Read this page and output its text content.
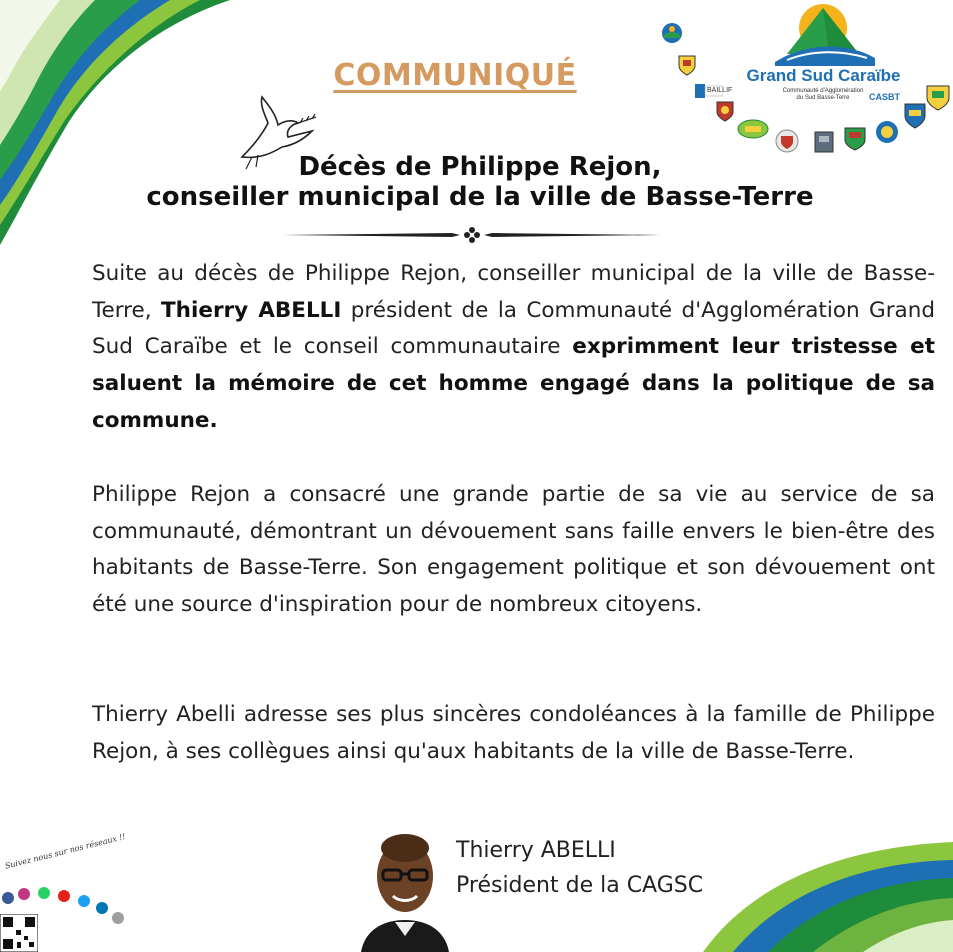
COMMUNIQUÉ
Décès de Philippe Rejon,
conseiller municipal de la ville de Basse-Terre
Grand Sud Caraïbe
Communauté d'Agglomération
du Sud Basse-Terre	CASBT
BAILLIF
Suite au décès de Philippe Rejon, conseiller municipal de la ville de Basse-Terre, Thierry ABELLI président de la Communauté d'Agglomération Grand Sud Caraïbe et le conseil communautaire exprimment leur tristesse et saluent la mémoire de cet homme engagé dans la politique de sa commune.
Philippe Rejon a consacré une grande partie de sa vie au service de sa communauté, démontrant un dévouement sans faille envers le bien-être des habitants de Basse-Terre. Son engagement politique et son dévouement ont été une source d'inspiration pour de nombreux citoyens.
Thierry Abelli adresse ses plus sincères condoléances à la famille de Philippe Rejon, à ses collègues ainsi qu'aux habitants de la ville de Basse-Terre.
Thierry ABELLI
Président de la CAGSC
Suivez nous sur nos réseaux !!
